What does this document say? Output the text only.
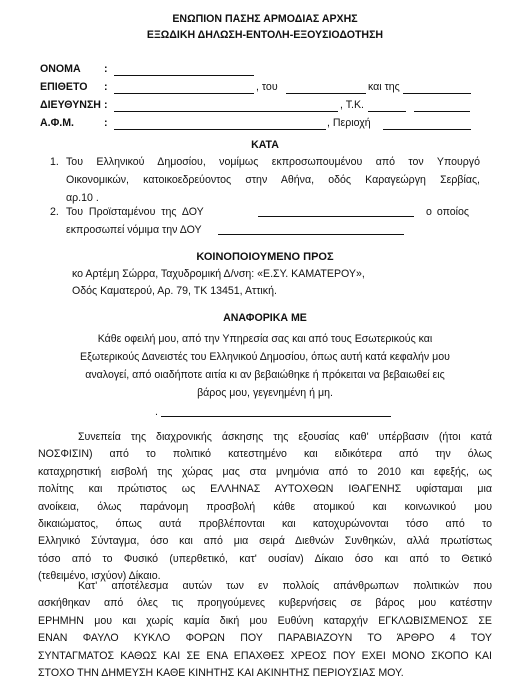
ΕΝΩΠΙΟΝ ΠΑΣΗΣ ΑΡΜΟΔΙΑΣ ΑΡΧΗΣ
ΕΞΩΔΙΚΗ ΔΗΛΩΣΗ-ΕΝΤΟΛΗ-ΕΞΟΥΣΙΟΔΟΤΗΣΗ
ΟΝΟΜΑ :
ΕΠΙΘΕΤΟ :	, του	και της
ΔΙΕΥΘΥΝΣΗ :	, Τ.Κ.
Α.Φ.Μ.	:	, Περιοχή
ΚΑΤΑ
1. Του Ελληνικού Δημοσίου, νομίμως εκπροσωπουμένου από τον Υπουργό
Οικονομικών, κατοικοεδρεύοντος στην Αθήνα, οδός Καραγεώργη Σερβίας,
αρ.10 .
2. Του Προϊσταμένου της ΔΟΥ	ο οποίος
εκπροσωπεί νόμιμα την ΔΟΥ
ΚΟΙΝΟΠΟΙΟΥΜΕΝΟ ΠΡΟΣ
κο Αρτέμη Σώρρα, Ταχυδρομική Δ/νση: «Ε.ΣΥ. ΚΑΜΑΤΕΡΟΥ»,
Οδός Καματερού, Αρ. 79, ΤΚ 13451, Αττική.
ΑΝΑΦΟΡΙΚΑ ΜΕ
Κάθε οφειλή μου, από την Υπηρεσία σας και από τους Εσωτερικούς και
Εξωτερικούς Δανειστές του Ελληνικού Δημοσίου, όπως αυτή κατά κεφαλήν μου
αναλογεί, από οιαδήποτε αιτία κι αν βεβαιώθηκε ή πρόκειται να βεβαιωθεί εις
βάρος μου, γεγενημένη ή μη.
.
Συνεπεία της διαχρονικής άσκησης της εξουσίας καθ' υπέρβασιν (ήτοι κατά
ΝΟΣΦΙΣΙΝ) από το πολιτικό κατεστημένο και ειδικότερα από την όλως
καταχρηστική εισβολή της χώρας μας στα μνημόνια από το 2010 και εφεξής, ως
πολίτης και πρώτιστος ως ΕΛΛΗΝΑΣ ΑΥΤΟΧΘΩΝ ΙΘΑΓΕΝΗΣ υφίσταμαι μια
ανοίκεια, όλως παράνομη προσβολή κάθε ατομικού και κοινωνικού μου
δικαιώματος, όπως αυτά προβλέπονται και κατοχυρώνονται τόσο από το
Ελληνικό Σύνταγμα, όσο και από μια σειρά Διεθνών Συνθηκών, αλλά πρωτίστως
τόσο από το Φυσικό (υπερθετικό, κατ' ουσίαν) Δίκαιο όσο και από το Θετικό
(τεθειμένο, ισχύον) Δίκαιο.
Κατ' αποτέλεσμα αυτών των εν πολλοίς απάνθρωπων πολιτικών που
ασκήθηκαν από όλες τις προηγούμενες κυβερνήσεις σε βάρος μου κατέστην
ΕΡΗΜΗΝ μου και χωρίς καμία δική μου Ευθύνη καταρχήν ΕΓΚΛΩΒΙΣΜΕΝΟΣ ΣΕ
ΕΝΑΝ ΦΑΥΛΟ ΚΥΚΛΟ ΦΟΡΩΝ ΠΟΥ ΠΑΡΑΒΙΑΖΟΥΝ ΤΟ ΆΡΘΡΟ 4 ΤΟΥ
ΣΥΝΤΑΓΜΑΤΟΣ ΚΑΘΩΣ ΚΑΙ ΣΕ ΕΝΑ ΕΠΑΧΘΕΣ ΧΡΕΟΣ ΠΟΥ ΕΧΕΙ ΜΟΝΟ ΣΚΟΠΟ ΚΑΙ
ΣΤΟΧΟ ΤΗΝ ΔΗΜΕΥΣΗ ΚΑΘΕ ΚΙΝΗΤΗΣ ΚΑΙ ΑΚΙΝΗΤΗΣ ΠΕΡΙΟΥΣΙΑΣ ΜΟΥ.
